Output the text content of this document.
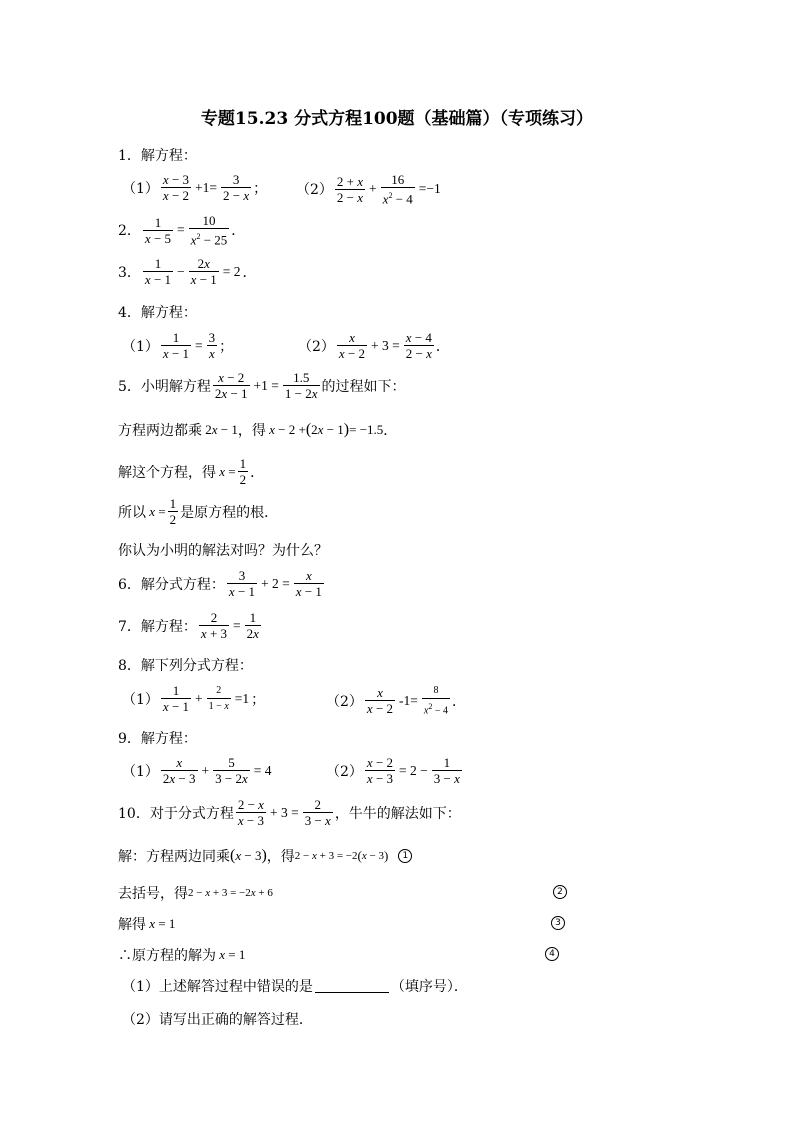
专题15.23 分式方程100题（基础篇）（专项练习）
1．解方程：
$(1) \frac{x - 3}{x - 2} +1= \frac{3}{2 - x}$ ； $(2) \frac{2 + x}{2 - x} + \frac{16}{x^2 - 4} =-1$
2． $\frac{1}{x - 5} = \frac{10}{x^2 - 25}$ ．
3． $\frac{1}{x - 1} - \frac{2x}{x - 1} = 2$ ．
4．解方程：
$(1) \frac{1}{x - 1} = \frac{3}{x}$ ；	$(2) \frac{x}{x - 2} + 3 = \frac{x - 4}{2 - x}$ ．
5．小明解方程 $\frac{x - 2}{2x - 1} +1 = \frac{1.5}{1 - 2x}$ 的过程如下：
方程两边都乘 2x − 1 ，得 x − 2 + ( 2x − 1 ) = −1.5 ．
解这个方程，得 $x = \frac{1}{2}$ ．
所以 $x = \frac{1}{2}$ 是原方程的根．
你认为小明的解法对吗？为什么？
6．解分式方程： $\frac{3}{x - 1} + 2 = \frac{x}{x - 1}$
7．解方程： $\frac{2}{x + 3} = \frac{1}{2x}$
8．解下列分式方程：
$(1) \frac{1}{x - 1} + \frac{2}{1 - x} =1$ ；	$(2) \frac{x}{x - 2} -1= \frac{8}{x^2 - 4}$ ．
9．解方程：
$(1) \frac{x}{2x - 3} + \frac{5}{3 - 2x} = 4$	$(2) \frac{x - 2}{x - 3} = 2 - \frac{1}{3 - x}$
10．对于分式方程 $\frac{2 - x}{x - 3} + 3 = \frac{2}{3 - x}$ ，牛牛的解法如下：
解：方程两边同乘 ( x − 3 ) ，得 2 − x + 3 = −2 ( x − 3 )	1
去括号，得 2 − x + 3 = −2x + 6	2
解得 x = 1	3
∴原方程的解为 x = 1	4
（1）上述解答过程中错误的是	（填序号）．
（2）请写出正确的解答过程．
